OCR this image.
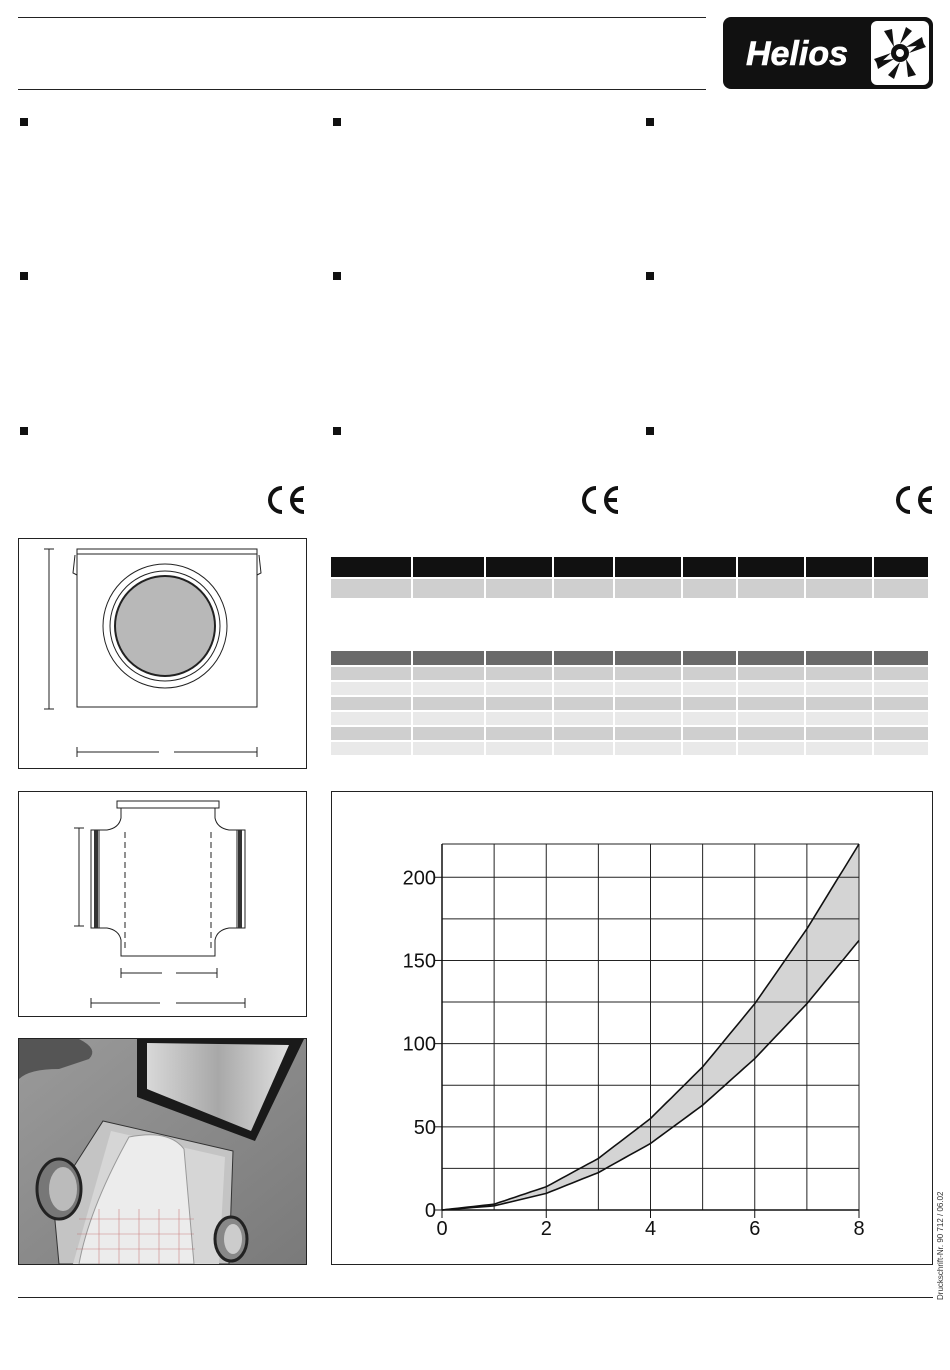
Helios

0	2	4	6	8
0
50
100
150
200
Druckschrift-Nr. 90 712 / 06.02
